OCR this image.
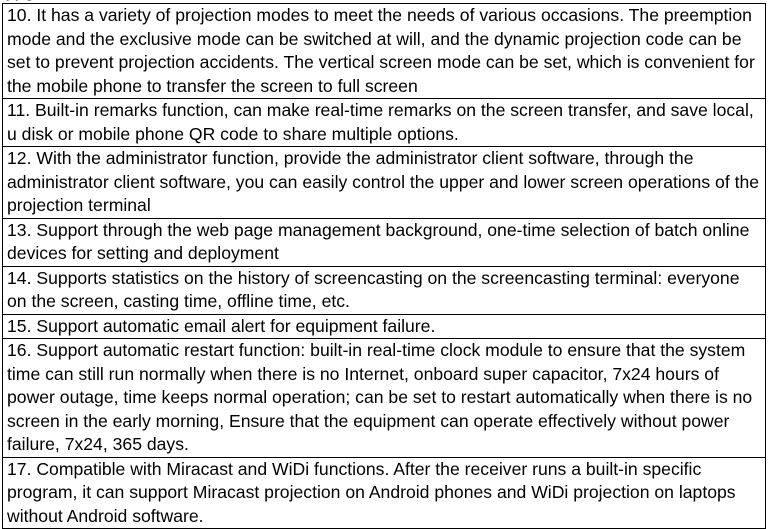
10. It has a variety of projection modes to meet the needs of various occasions. The preemption mode and the exclusive mode can be switched at will, and the dynamic projection code can be set to prevent projection accidents. The vertical screen mode can be set, which is convenient for the mobile phone to transfer the screen to full screen
11. Built-in remarks function, can make real-time remarks on the screen transfer, and save local, u disk or mobile phone QR code to share multiple options.
12. With the administrator function, provide the administrator client software, through the administrator client software, you can easily control the upper and lower screen operations of the projection terminal
13. Support through the web page management background, one-time selection of batch online devices for setting and deployment
14. Supports statistics on the history of screencasting on the screencasting terminal: everyone on the screen, casting time, offline time, etc.
15. Support automatic email alert for equipment failure.
16. Support automatic restart function: built-in real-time clock module to ensure that the system time can still run normally when there is no Internet, onboard super capacitor, 7x24 hours of power outage, time keeps normal operation; can be set to restart automatically when there is no screen in the early morning, Ensure that the equipment can operate effectively without power failure, 7x24, 365 days.
17. Compatible with Miracast and WiDi functions. After the receiver runs a built-in specific program, it can support Miracast projection on Android phones and WiDi projection on laptops without Android software.
